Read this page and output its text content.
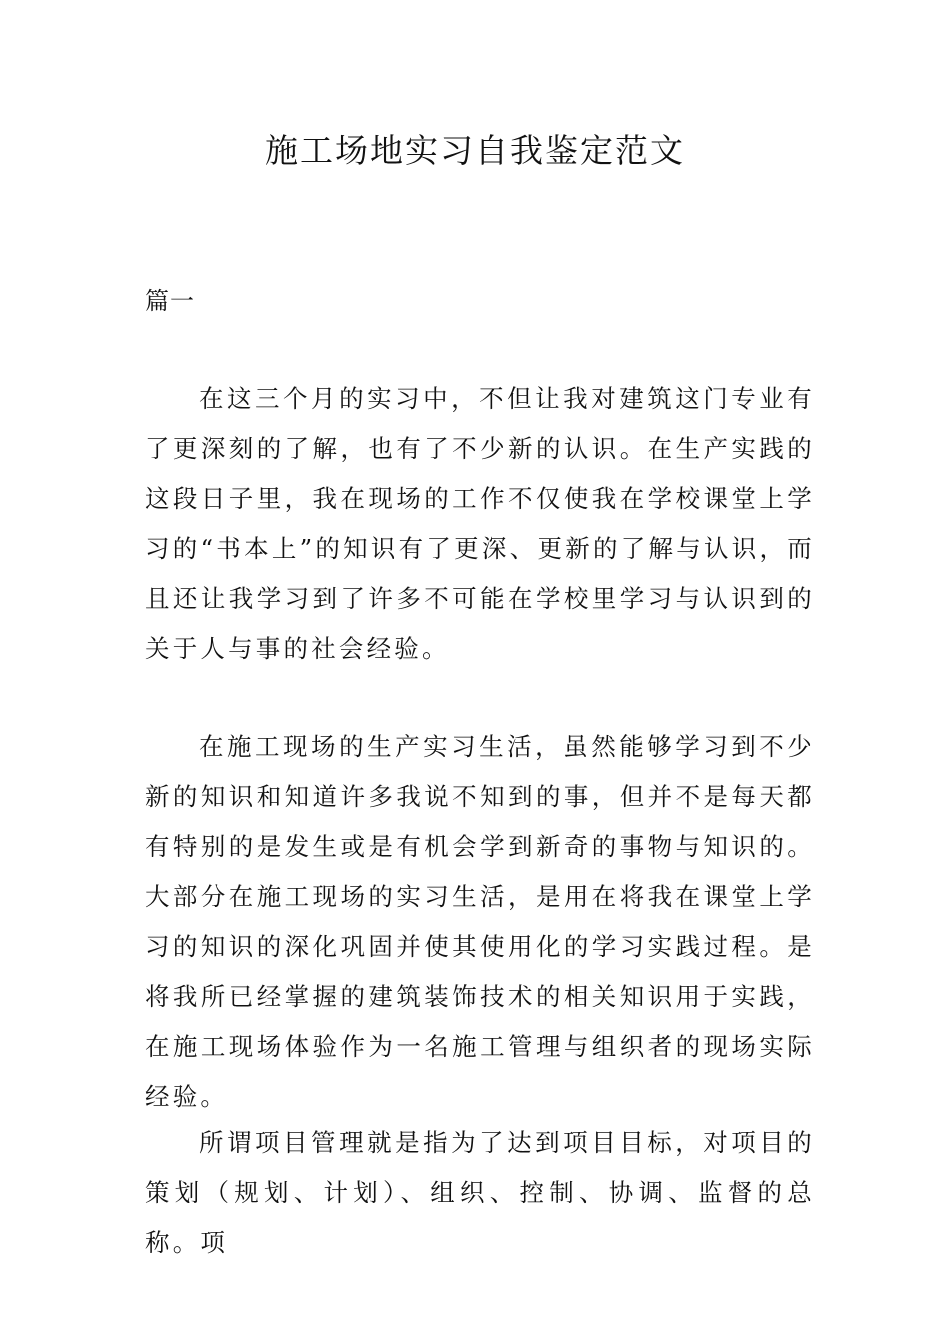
施工场地实习自我鉴定范文

篇一

在这三个月的实习中，不但让我对建筑这门专业有了更深刻的了解，也有了不少新的认识。在生产实践的这段日子里，我在现场的工作不仅使我在学校课堂上学习的“书本上”的知识有了更深、更新的了解与认识，而且还让我学习到了许多不可能在学校里学习与认识到的关于人与事的社会经验。

在施工现场的生产实习生活，虽然能够学习到不少新的知识和知道许多我说不知到的事，但并不是每天都有特别的是发生或是有机会学到新奇的事物与知识的。大部分在施工现场的实习生活，是用在将我在课堂上学习的知识的深化巩固并使其使用化的学习实践过程。是将我所已经掌握的建筑装饰技术的相关知识用于实践，在施工现场体验作为一名施工管理与组织者的现场实际经验。

所谓项目管理就是指为了达到项目目标，对项目的策划（规划、计划）、组织、控制、协调、监督的总称。项
